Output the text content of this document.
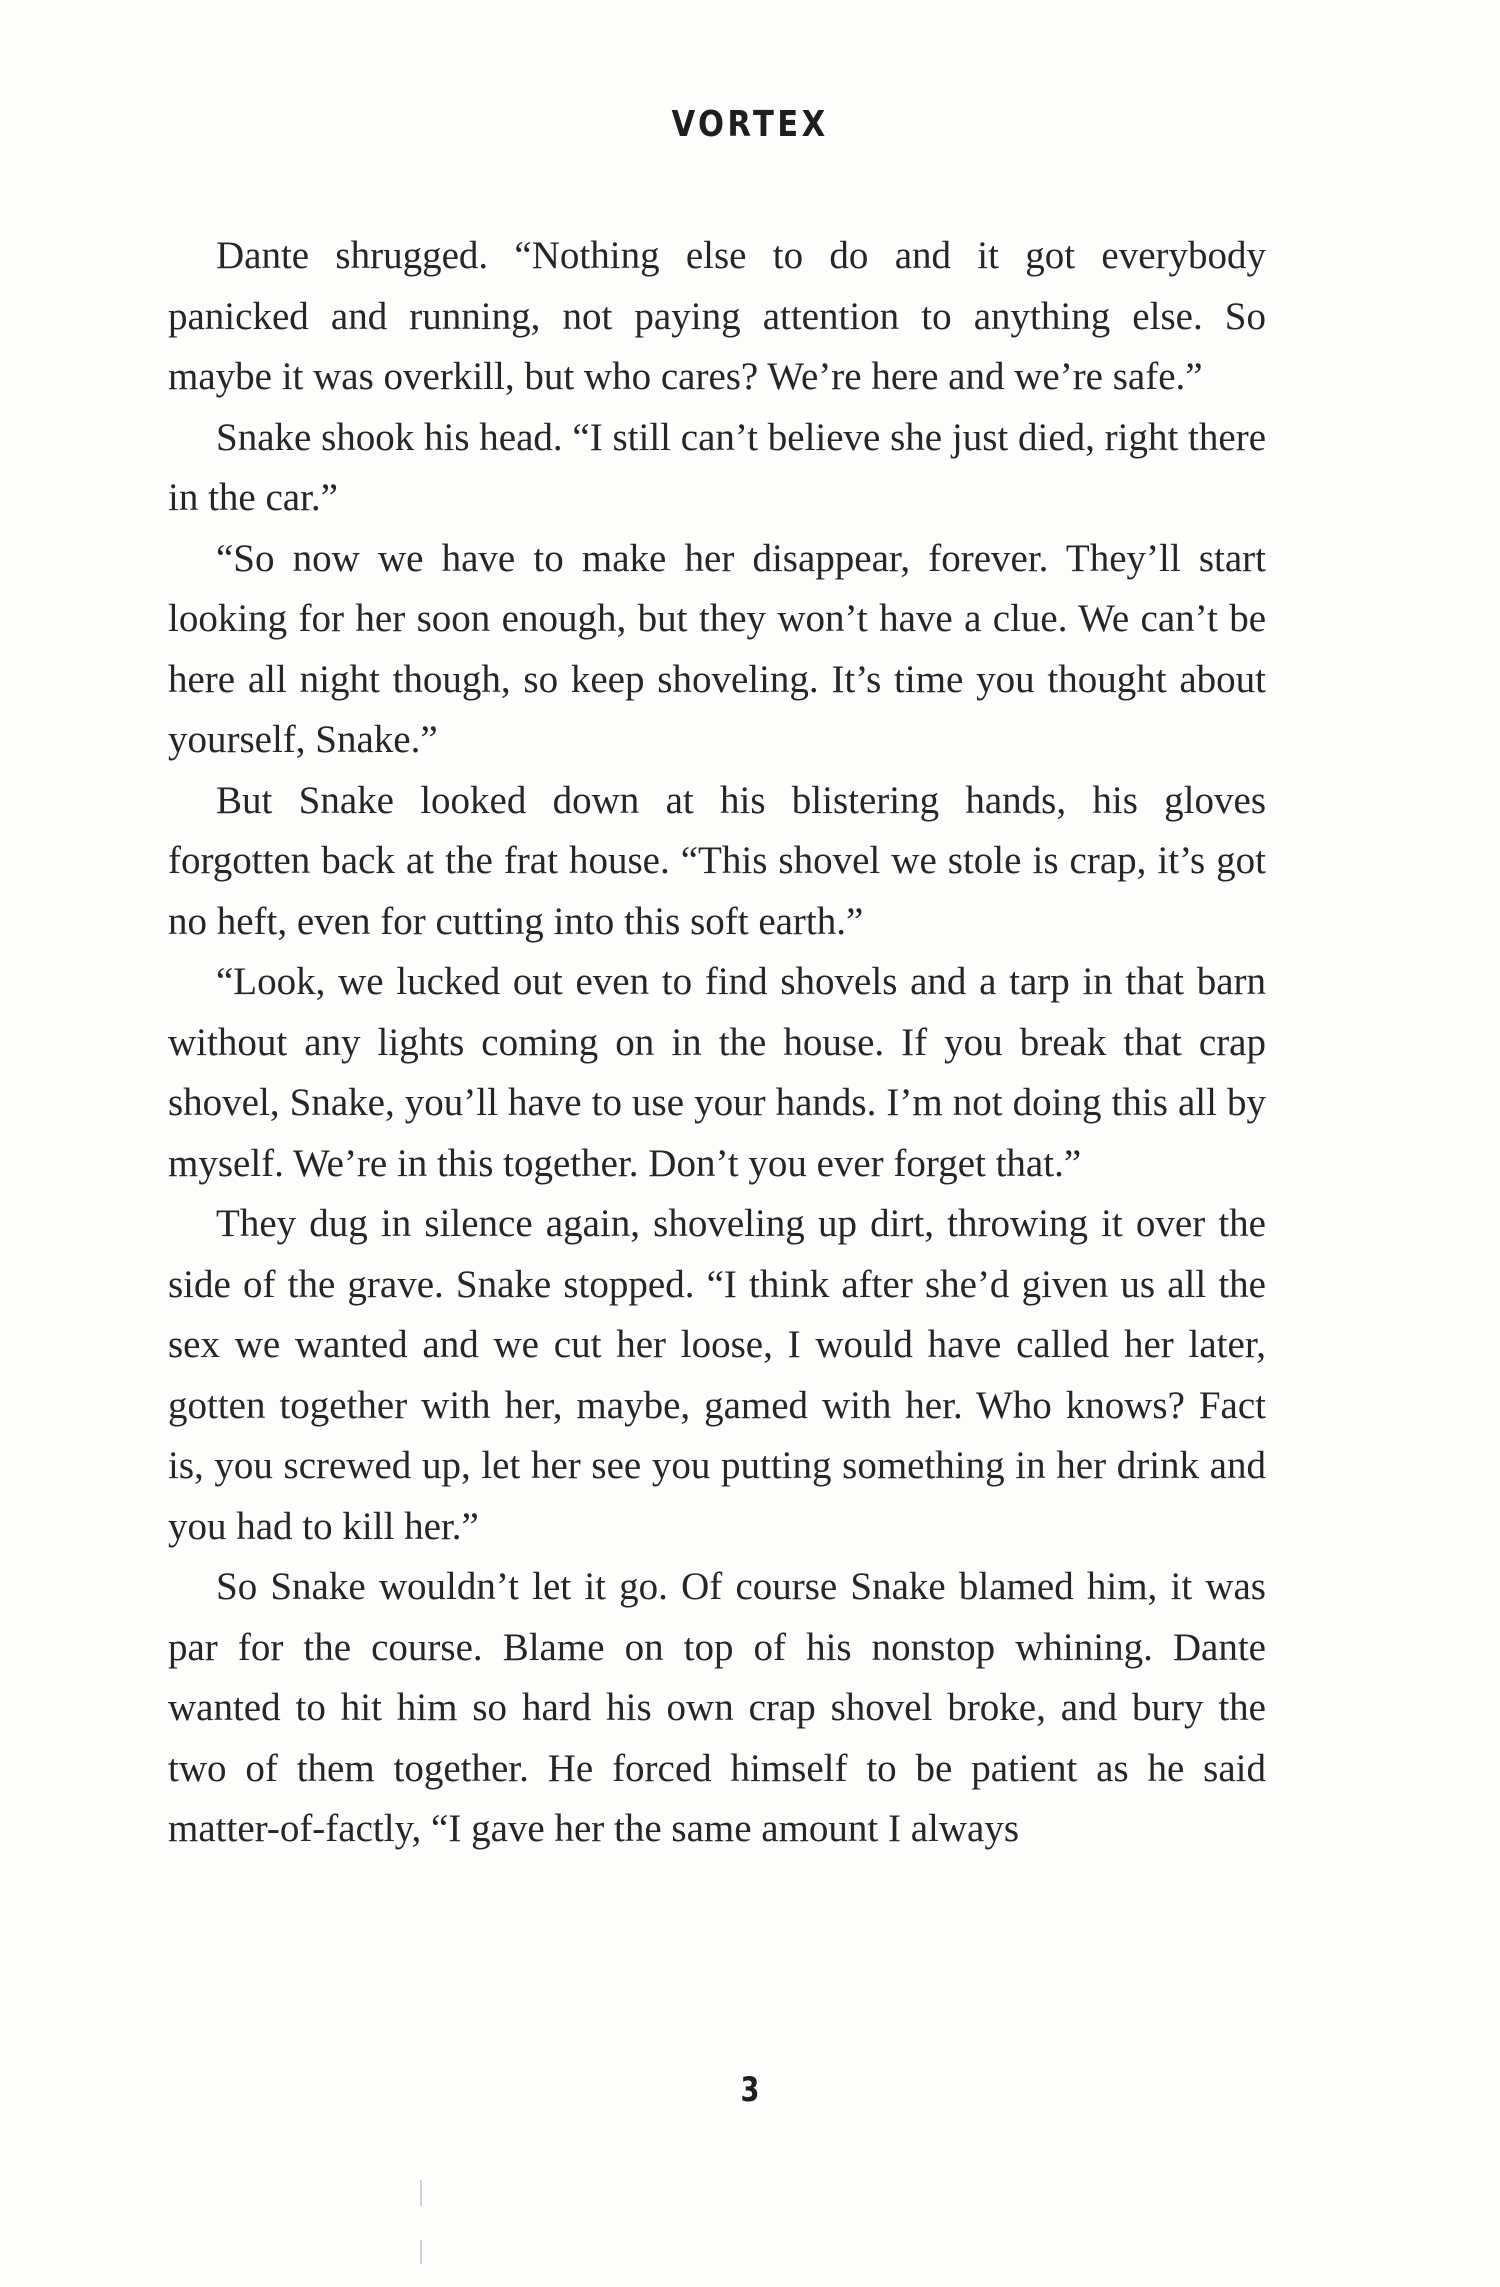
VORTEX

Dante shrugged. “Nothing else to do and it got everybody panicked and running, not paying attention to anything else. So maybe it was overkill, but who cares? We’re here and we’re safe.”

Snake shook his head. “I still can’t believe she just died, right there in the car.”

“So now we have to make her disappear, forever. They’ll start looking for her soon enough, but they won’t have a clue. We can’t be here all night though, so keep shoveling. It’s time you thought about yourself, Snake.”

But Snake looked down at his blistering hands, his gloves forgotten back at the frat house. “This shovel we stole is crap, it’s got no heft, even for cutting into this soft earth.”

“Look, we lucked out even to find shovels and a tarp in that barn without any lights coming on in the house. If you break that crap shovel, Snake, you’ll have to use your hands. I’m not doing this all by myself. We’re in this together. Don’t you ever forget that.”

They dug in silence again, shoveling up dirt, throwing it over the side of the grave. Snake stopped. “I think after she’d given us all the sex we wanted and we cut her loose, I would have called her later, gotten together with her, maybe, gamed with her. Who knows? Fact is, you screwed up, let her see you putting something in her drink and you had to kill her.”

So Snake wouldn’t let it go. Of course Snake blamed him, it was par for the course. Blame on top of his nonstop whining. Dante wanted to hit him so hard his own crap shovel broke, and bury the two of them together. He forced himself to be patient as he said matter-of-factly, “I gave her the same amount I always

3
